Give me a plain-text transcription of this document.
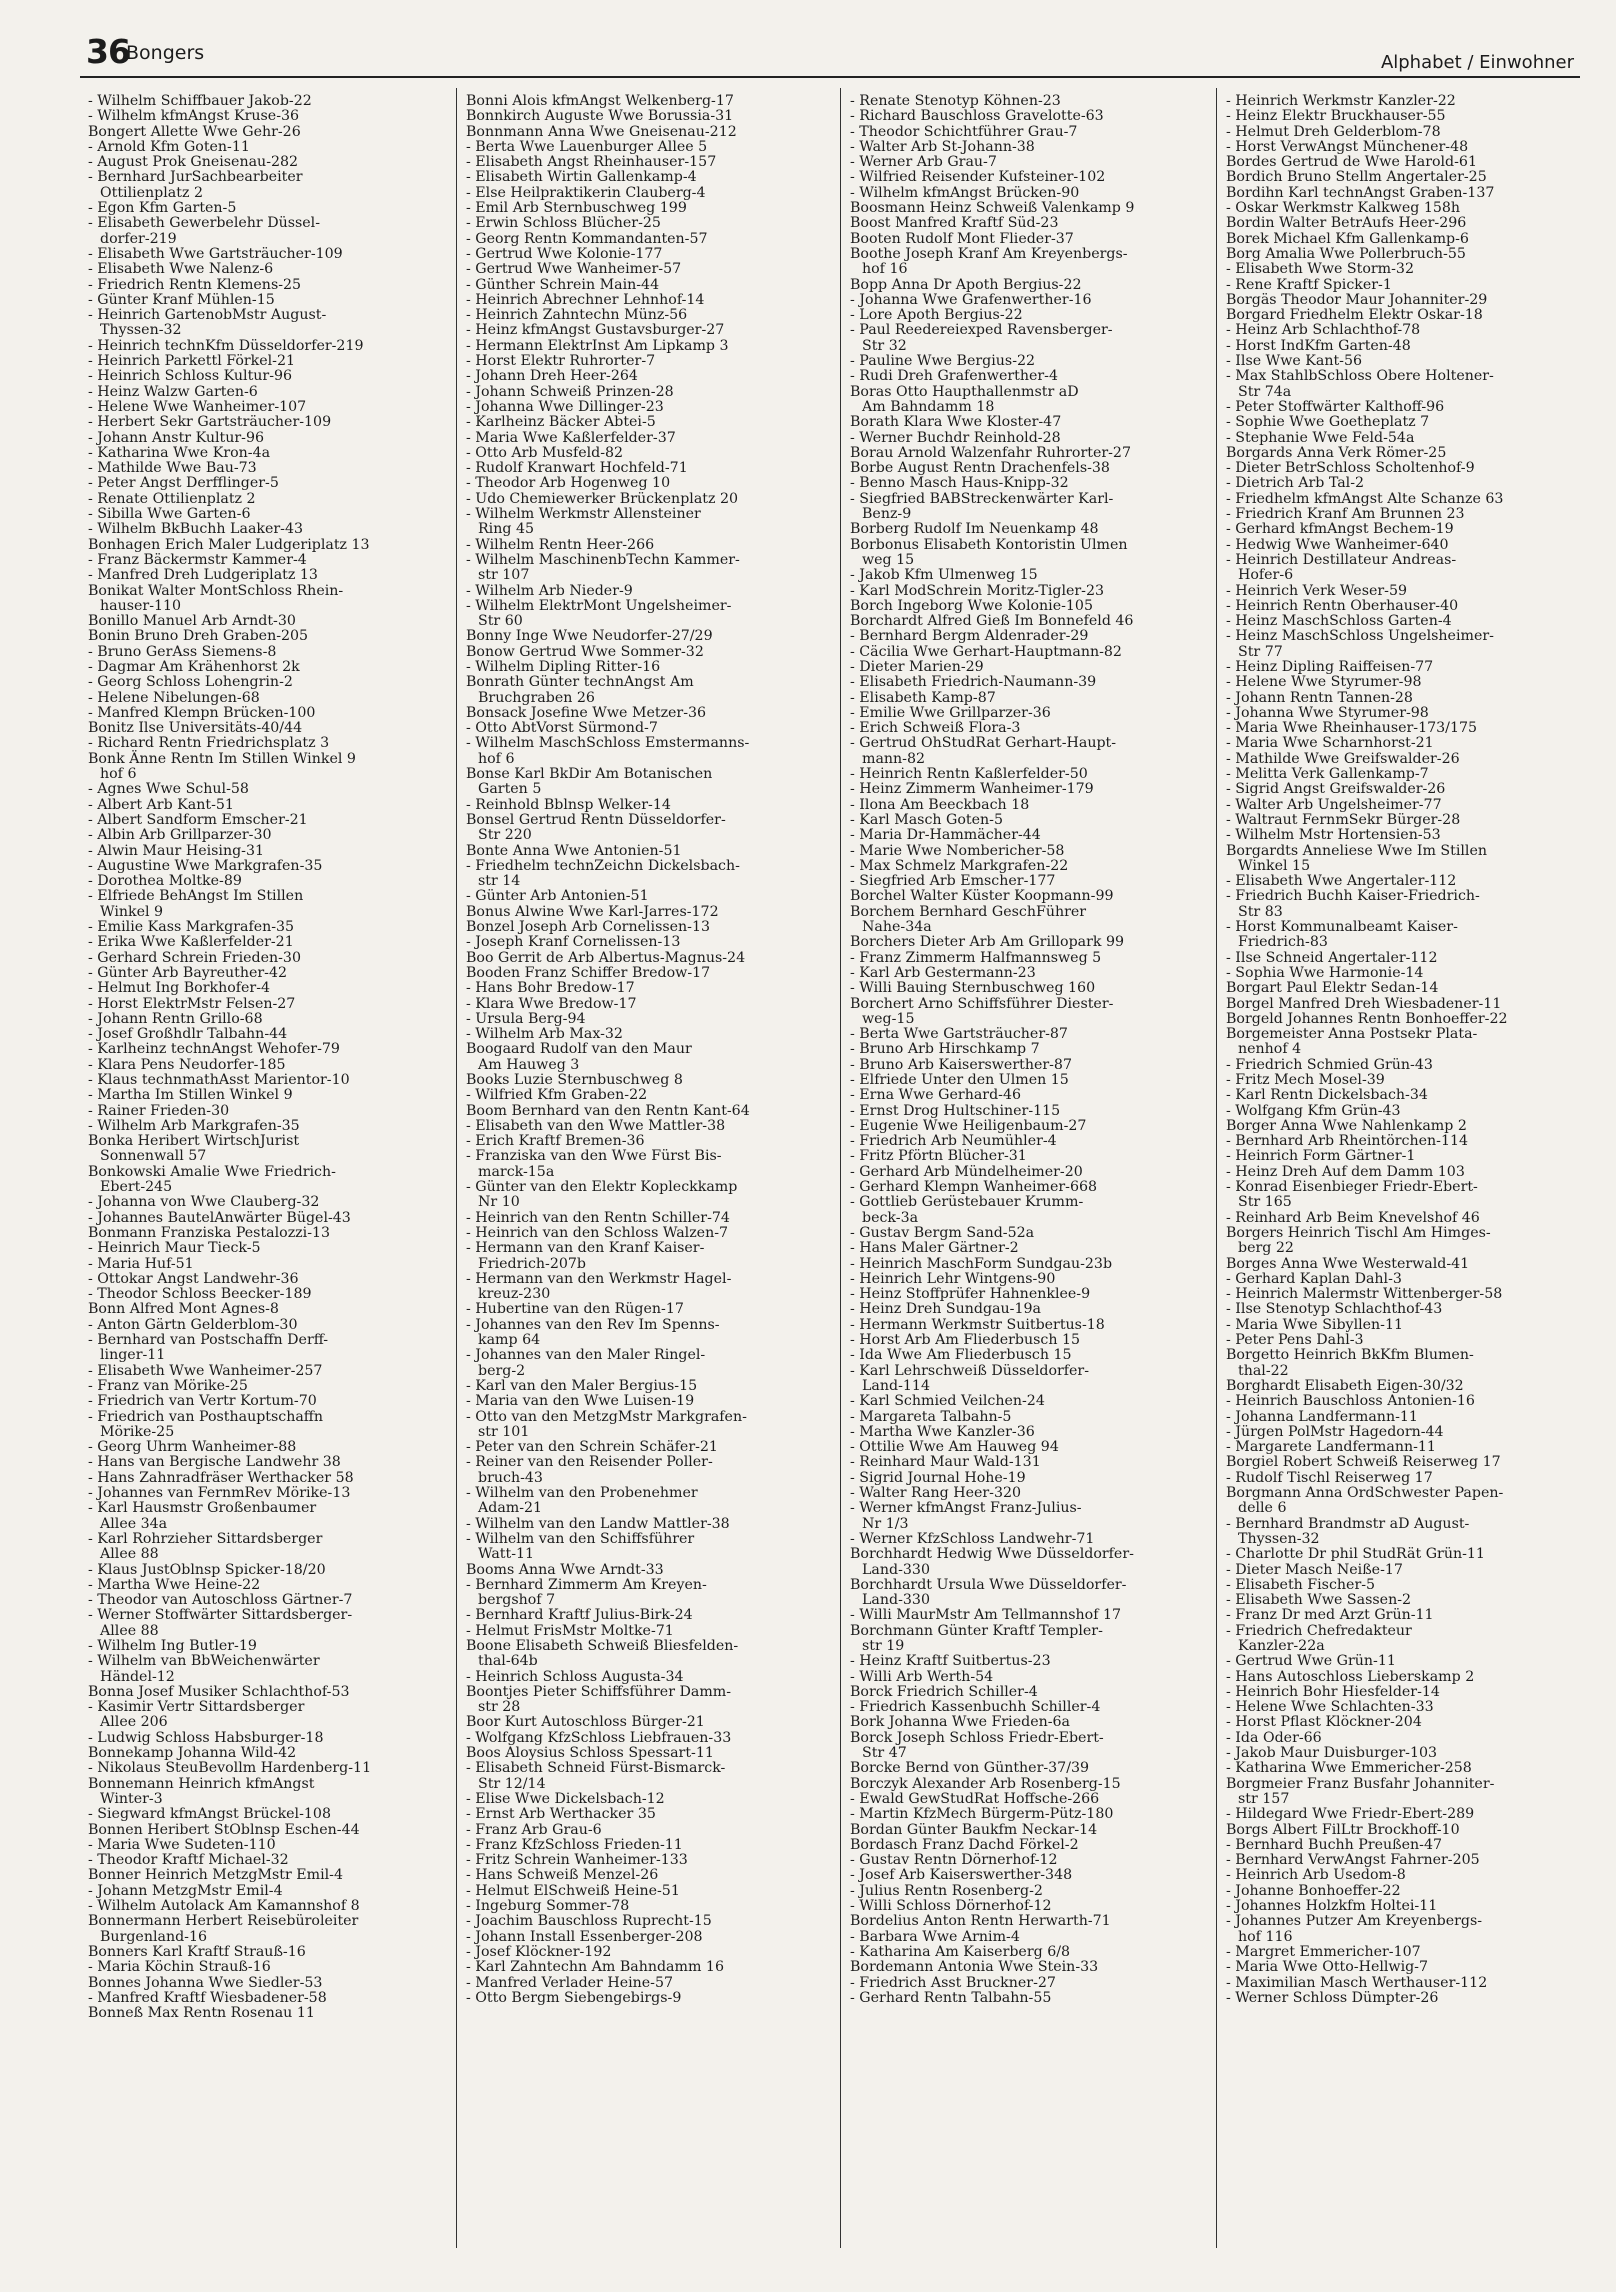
36
Bongers	Alphabet / Einwohner
- Wilhelm Schiffbauer Jakob-22
- Wilhelm kfmAngst Kruse-36
Bongert Allette Wwe Gehr-26
- Arnold Kfm Goten-11
- August Prok Gneisenau-282
- Bernhard JurSachbearbeiter
Ottilienplatz 2
- Egon Kfm Garten-5
- Elisabeth Gewerbelehr Düssel-
dorfer-219
- Elisabeth Wwe Gartsträucher-109
- Elisabeth Wwe Nalenz-6
- Friedrich Rentn Klemens-25
- Günter Kranf Mühlen-15
- Heinrich GartenobMstr August-
Thyssen-32
- Heinrich technKfm Düsseldorfer-219
- Heinrich Parkettl Förkel-21
- Heinrich Schloss Kultur-96
- Heinz Walzw Garten-6
- Helene Wwe Wanheimer-107
- Herbert Sekr Gartsträucher-109
- Johann Anstr Kultur-96
- Katharina Wwe Kron-4a
- Mathilde Wwe Bau-73
- Peter Angst Derfflinger-5
- Renate Ottilienplatz 2
- Sibilla Wwe Garten-6
- Wilhelm BkBuchh Laaker-43
Bonhagen Erich Maler Ludgeriplatz 13
- Franz Bäckermstr Kammer-4
- Manfred Dreh Ludgeriplatz 13
Bonikat Walter MontSchloss Rhein-
hauser-110
Bonillo Manuel Arb Arndt-30
Bonin Bruno Dreh Graben-205
- Bruno GerAss Siemens-8
- Dagmar Am Krähenhorst 2k
- Georg Schloss Lohengrin-2
- Helene Nibelungen-68
- Manfred Klempn Brücken-100
Bonitz Ilse Universitäts-40/44
- Richard Rentn Friedrichsplatz 3
Bonk Änne Rentn Im Stillen Winkel 9
hof 6
- Agnes Wwe Schul-58
- Albert Arb Kant-51
- Albert Sandform Emscher-21
- Albin Arb Grillparzer-30
- Alwin Maur Heising-31
- Augustine Wwe Markgrafen-35
- Dorothea Moltke-89
- Elfriede BehAngst Im Stillen
Winkel 9
- Emilie Kass Markgrafen-35
- Erika Wwe Kaßlerfelder-21
- Gerhard Schrein Frieden-30
- Günter Arb Bayreuther-42
- Helmut Ing Borkhofer-4
- Horst ElektrMstr Felsen-27
- Johann Rentn Grillo-68
- Josef Großhdlr Talbahn-44
- Karlheinz technAngst Wehofer-79
- Klara Pens Neudorfer-185
- Klaus technmathAsst Marientor-10
- Martha Im Stillen Winkel 9
- Rainer Frieden-30
- Wilhelm Arb Markgrafen-35
Bonka Heribert WirtschJurist
Sonnenwall 57
Bonkowski Amalie Wwe Friedrich-
Ebert-245
- Johanna von Wwe Clauberg-32
- Johannes BautelAnwärter Bügel-43
Bonmann Franziska Pestalozzi-13
- Heinrich Maur Tieck-5
- Maria Huf-51
- Ottokar Angst Landwehr-36
- Theodor Schloss Beecker-189
Bonn Alfred Mont Agnes-8
- Anton Gärtn Gelderblom-30
- Bernhard van Postschaffn Derff-
linger-11
- Elisabeth Wwe Wanheimer-257
- Franz van Mörike-25
- Friedrich van Vertr Kortum-70
- Friedrich van Posthauptschaffn
Mörike-25
- Georg Uhrm Wanheimer-88
- Hans van Bergische Landwehr 38
- Hans Zahnradfräser Werthacker 58
- Johannes van FernmRev Mörike-13
- Karl Hausmstr Großenbaumer
Allee 34a
- Karl Rohrzieher Sittardsberger
Allee 88
- Klaus JustOblnsp Spicker-18/20
- Martha Wwe Heine-22
- Theodor van Autoschloss Gärtner-7
- Werner Stoffwärter Sittardsberger-
Allee 88
- Wilhelm Ing Butler-19
- Wilhelm van BbWeichenwärter
Händel-12
Bonna Josef Musiker Schlachthof-53
- Kasimir Vertr Sittardsberger
Allee 206
- Ludwig Schloss Habsburger-18
Bonnekamp Johanna Wild-42
- Nikolaus SteuBevollm Hardenberg-11
Bonnemann Heinrich kfmAngst
Winter-3
- Siegward kfmAngst Brückel-108
Bonnen Heribert StOblnsp Eschen-44
- Maria Wwe Sudeten-110
- Theodor Kraftf Michael-32
Bonner Heinrich MetzgMstr Emil-4
- Johann MetzgMstr Emil-4
- Wilhelm Autolack Am Kamannshof 8
Bonnermann Herbert Reisebüroleiter
Burgenland-16
Bonners Karl Kraftf Strauß-16
- Maria Köchin Strauß-16
Bonnes Johanna Wwe Siedler-53
- Manfred Kraftf Wiesbadener-58
Bonneß Max Rentn Rosenau 11
Bonni Alois kfmAngst Welkenberg-17
Bonnkirch Auguste Wwe Borussia-31
Bonnmann Anna Wwe Gneisenau-212
- Berta Wwe Lauenburger Allee 5
- Elisabeth Angst Rheinhauser-157
- Elisabeth Wirtin Gallenkamp-4
- Else Heilpraktikerin Clauberg-4
- Emil Arb Sternbuschweg 199
- Erwin Schloss Blücher-25
- Georg Rentn Kommandanten-57
- Gertrud Wwe Kolonie-177
- Gertrud Wwe Wanheimer-57
- Günther Schrein Main-44
- Heinrich Abrechner Lehnhof-14
- Heinrich Zahntechn Münz-56
- Heinz kfmAngst Gustavsburger-27
- Hermann ElektrInst Am Lipkamp 3
- Horst Elektr Ruhrorter-7
- Johann Dreh Heer-264
- Johann Schweiß Prinzen-28
- Johanna Wwe Dillinger-23
- Karlheinz Bäcker Abtei-5
- Maria Wwe Kaßlerfelder-37
- Otto Arb Musfeld-82
- Rudolf Kranwart Hochfeld-71
- Theodor Arb Hogenweg 10
- Udo Chemiewerker Brückenplatz 20
- Wilhelm Werkmstr Allensteiner
Ring 45
- Wilhelm Rentn Heer-266
- Wilhelm MaschinenbTechn Kammer-
str 107
- Wilhelm Arb Nieder-9
- Wilhelm ElektrMont Ungelsheimer-
Str 60
Bonny Inge Wwe Neudorfer-27/29
Bonow Gertrud Wwe Sommer-32
- Wilhelm Dipling Ritter-16
Bonrath Günter technAngst Am
Bruchgraben 26
Bonsack Josefine Wwe Metzer-36
- Otto AbtVorst Sürmond-7
- Wilhelm MaschSchloss Emstermanns-
hof 6
Bonse Karl BkDir Am Botanischen
Garten 5
- Reinhold Bblnsp Welker-14
Bonsel Gertrud Rentn Düsseldorfer-
Str 220
Bonte Anna Wwe Antonien-51
- Friedhelm technZeichn Dickelsbach-
str 14
- Günter Arb Antonien-51
Bonus Alwine Wwe Karl-Jarres-172
Bonzel Joseph Arb Cornelissen-13
- Joseph Kranf Cornelissen-13
Boo Gerrit de Arb Albertus-Magnus-24
Booden Franz Schiffer Bredow-17
- Hans Bohr Bredow-17
- Klara Wwe Bredow-17
- Ursula Berg-94
- Wilhelm Arb Max-32
Boogaard Rudolf van den Maur
Am Hauweg 3
Books Luzie Sternbuschweg 8
- Wilfried Kfm Graben-22
Boom Bernhard van den Rentn Kant-64
- Elisabeth van den Wwe Mattler-38
- Erich Kraftf Bremen-36
- Franziska van den Wwe Fürst Bis-
marck-15a
- Günter van den Elektr Kopleckkamp
Nr 10
- Heinrich van den Rentn Schiller-74
- Heinrich van den Schloss Walzen-7
- Hermann van den Kranf Kaiser-
Friedrich-207b
- Hermann van den Werkmstr Hagel-
kreuz-230
- Hubertine van den Rügen-17
- Johannes van den Rev Im Spenns-
kamp 64
- Johannes van den Maler Ringel-
berg-2
- Karl van den Maler Bergius-15
- Maria van den Wwe Luisen-19
- Otto van den MetzgMstr Markgrafen-
str 101
- Peter van den Schrein Schäfer-21
- Reiner van den Reisender Poller-
bruch-43
- Wilhelm van den Probenehmer
Adam-21
- Wilhelm van den Landw Mattler-38
- Wilhelm van den Schiffsführer
Watt-11
Booms Anna Wwe Arndt-33
- Bernhard Zimmerm Am Kreyen-
bergshof 7
- Bernhard Kraftf Julius-Birk-24
- Helmut FrisMstr Moltke-71
Boone Elisabeth Schweiß Bliesfelden-
thal-64b
- Heinrich Schloss Augusta-34
Boontjes Pieter Schiffsführer Damm-
str 28
Boor Kurt Autoschloss Bürger-21
- Wolfgang KfzSchloss Liebfrauen-33
Boos Aloysius Schloss Spessart-11
- Elisabeth Schneid Fürst-Bismarck-
Str 12/14
- Elise Wwe Dickelsbach-12
- Ernst Arb Werthacker 35
- Franz Arb Grau-6
- Franz KfzSchloss Frieden-11
- Fritz Schrein Wanheimer-133
- Hans Schweiß Menzel-26
- Helmut ElSchweiß Heine-51
- Ingeburg Sommer-78
- Joachim Bauschloss Ruprecht-15
- Johann Install Essenberger-208
- Josef Klöckner-192
- Karl Zahntechn Am Bahndamm 16
- Manfred Verlader Heine-57
- Otto Bergm Siebengebirgs-9
- Renate Stenotyp Köhnen-23
- Richard Bauschloss Gravelotte-63
- Theodor Schichtführer Grau-7
- Walter Arb St-Johann-38
- Werner Arb Grau-7
- Wilfried Reisender Kufsteiner-102
- Wilhelm kfmAngst Brücken-90
Boosmann Heinz Schweiß Valenkamp 9
Boost Manfred Kraftf Süd-23
Booten Rudolf Mont Flieder-37
Boothe Joseph Kranf Am Kreyenbergs-
hof 16
Bopp Anna Dr Apoth Bergius-22
- Johanna Wwe Grafenwerther-16
- Lore Apoth Bergius-22
- Paul Reedereiexped Ravensberger-
Str 32
- Pauline Wwe Bergius-22
- Rudi Dreh Grafenwerther-4
Boras Otto Haupthallenmstr aD
Am Bahndamm 18
Borath Klara Wwe Kloster-47
- Werner Buchdr Reinhold-28
Borau Arnold Walzenfahr Ruhrorter-27
Borbe August Rentn Drachenfels-38
- Benno Masch Haus-Knipp-32
- Siegfried BABStreckenwärter Karl-
Benz-9
Borberg Rudolf Im Neuenkamp 48
Borbonus Elisabeth Kontoristin Ulmen
weg 15
- Jakob Kfm Ulmenweg 15
- Karl ModSchrein Moritz-Tigler-23
Borch Ingeborg Wwe Kolonie-105
Borchardt Alfred Gieß Im Bonnefeld 46
- Bernhard Bergm Aldenrader-29
- Cäcilia Wwe Gerhart-Hauptmann-82
- Dieter Marien-29
- Elisabeth Friedrich-Naumann-39
- Elisabeth Kamp-87
- Emilie Wwe Grillparzer-36
- Erich Schweiß Flora-3
- Gertrud OhStudRat Gerhart-Haupt-
mann-82
- Heinrich Rentn Kaßlerfelder-50
- Heinz Zimmerm Wanheimer-179
- Ilona Am Beeckbach 18
- Karl Masch Goten-5
- Maria Dr-Hammächer-44
- Marie Wwe Nombericher-58
- Max Schmelz Markgrafen-22
- Siegfried Arb Emscher-177
Borchel Walter Küster Koopmann-99
Borchem Bernhard GeschFührer
Nahe-34a
Borchers Dieter Arb Am Grillopark 99
- Franz Zimmerm Halfmannsweg 5
- Karl Arb Gestermann-23
- Willi Bauing Sternbuschweg 160
Borchert Arno Schiffsführer Diester-
weg-15
- Berta Wwe Gartsträucher-87
- Bruno Arb Hirschkamp 7
- Bruno Arb Kaiserswerther-87
- Elfriede Unter den Ulmen 15
- Erna Wwe Gerhard-46
- Ernst Drog Hultschiner-115
- Eugenie Wwe Heiligenbaum-27
- Friedrich Arb Neumühler-4
- Fritz Pförtn Blücher-31
- Gerhard Arb Mündelheimer-20
- Gerhard Klempn Wanheimer-668
- Gottlieb Gerüstebauer Krumm-
beck-3a
- Gustav Bergm Sand-52a
- Hans Maler Gärtner-2
- Heinrich MaschForm Sundgau-23b
- Heinrich Lehr Wintgens-90
- Heinz Stoffprüfer Hahnenklee-9
- Heinz Dreh Sundgau-19a
- Hermann Werkmstr Suitbertus-18
- Horst Arb Am Fliederbusch 15
- Ida Wwe Am Fliederbusch 15
- Karl Lehrschweiß Düsseldorfer-
Land-114
- Karl Schmied Veilchen-24
- Margareta Talbahn-5
- Martha Wwe Kanzler-36
- Ottilie Wwe Am Hauweg 94
- Reinhard Maur Wald-131
- Sigrid Journal Hohe-19
- Walter Rang Heer-320
- Werner kfmAngst Franz-Julius-
Nr 1/3
- Werner KfzSchloss Landwehr-71
Borchhardt Hedwig Wwe Düsseldorfer-
Land-330
Borchhardt Ursula Wwe Düsseldorfer-
Land-330
- Willi MaurMstr Am Tellmannshof 17
Borchmann Günter Kraftf Templer-
str 19
- Heinz Kraftf Suitbertus-23
- Willi Arb Werth-54
Borck Friedrich Schiller-4
- Friedrich Kassenbuchh Schiller-4
Bork Johanna Wwe Frieden-6a
Borck Joseph Schloss Friedr-Ebert-
Str 47
Borcke Bernd von Günther-37/39
Borczyk Alexander Arb Rosenberg-15
- Ewald GewStudRat Hoffsche-266
- Martin KfzMech Bürgerm-Pütz-180
Bordan Günter Baukfm Neckar-14
Bordasch Franz Dachd Förkel-2
- Gustav Rentn Dörnerhof-12
- Josef Arb Kaiserswerther-348
- Julius Rentn Rosenberg-2
- Willi Schloss Dörnerhof-12
Bordelius Anton Rentn Herwarth-71
- Barbara Wwe Arnim-4
- Katharina Am Kaiserberg 6/8
Bordemann Antonia Wwe Stein-33
- Friedrich Asst Bruckner-27
- Gerhard Rentn Talbahn-55
- Heinrich Werkmstr Kanzler-22
- Heinz Elektr Bruckhauser-55
- Helmut Dreh Gelderblom-78
- Horst VerwAngst Münchener-48
Bordes Gertrud de Wwe Harold-61
Bordich Bruno Stellm Angertaler-25
Bordihn Karl technAngst Graben-137
- Oskar Werkmstr Kalkweg 158h
Bordin Walter BetrAufs Heer-296
Borek Michael Kfm Gallenkamp-6
Borg Amalia Wwe Pollerbruch-55
- Elisabeth Wwe Storm-32
- Rene Kraftf Spicker-1
Borgäs Theodor Maur Johanniter-29
Borgard Friedhelm Elektr Oskar-18
- Heinz Arb Schlachthof-78
- Horst IndKfm Garten-48
- Ilse Wwe Kant-56
- Max StahlbSchloss Obere Holtener-
Str 74a
- Peter Stoffwärter Kalthoff-96
- Sophie Wwe Goetheplatz 7
- Stephanie Wwe Feld-54a
Borgards Anna Verk Römer-25
- Dieter BetrSchloss Scholtenhof-9
- Dietrich Arb Tal-2
- Friedhelm kfmAngst Alte Schanze 63
- Friedrich Kranf Am Brunnen 23
- Gerhard kfmAngst Bechem-19
- Hedwig Wwe Wanheimer-640
- Heinrich Destillateur Andreas-
Hofer-6
- Heinrich Verk Weser-59
- Heinrich Rentn Oberhauser-40
- Heinz MaschSchloss Garten-4
- Heinz MaschSchloss Ungelsheimer-
Str 77
- Heinz Dipling Raiffeisen-77
- Helene Wwe Styrumer-98
- Johann Rentn Tannen-28
- Johanna Wwe Styrumer-98
- Maria Wwe Rheinhauser-173/175
- Maria Wwe Scharnhorst-21
- Mathilde Wwe Greifswalder-26
- Melitta Verk Gallenkamp-7
- Sigrid Angst Greifswalder-26
- Walter Arb Ungelsheimer-77
- Waltraut FernmSekr Bürger-28
- Wilhelm Mstr Hortensien-53
Borgardts Anneliese Wwe Im Stillen
Winkel 15
- Elisabeth Wwe Angertaler-112
- Friedrich Buchh Kaiser-Friedrich-
Str 83
- Horst Kommunalbeamt Kaiser-
Friedrich-83
- Ilse Schneid Angertaler-112
- Sophia Wwe Harmonie-14
Borgart Paul Elektr Sedan-14
Borgel Manfred Dreh Wiesbadener-11
Borgeld Johannes Rentn Bonhoeffer-22
Borgemeister Anna Postsekr Plata-
nenhof 4
- Friedrich Schmied Grün-43
- Fritz Mech Mosel-39
- Karl Rentn Dickelsbach-34
- Wolfgang Kfm Grün-43
Borger Anna Wwe Nahlenkamp 2
- Bernhard Arb Rheintörchen-114
- Heinrich Form Gärtner-1
- Heinz Dreh Auf dem Damm 103
- Konrad Eisenbieger Friedr-Ebert-
Str 165
- Reinhard Arb Beim Knevelshof 46
Borgers Heinrich Tischl Am Himges-
berg 22
Borges Anna Wwe Westerwald-41
- Gerhard Kaplan Dahl-3
- Heinrich Malermstr Wittenberger-58
- Ilse Stenotyp Schlachthof-43
- Maria Wwe Sibyllen-11
- Peter Pens Dahl-3
Borgetto Heinrich BkKfm Blumen-
thal-22
Borghardt Elisabeth Eigen-30/32
- Heinrich Bauschloss Antonien-16
- Johanna Landfermann-11
- Jürgen PolMstr Hagedorn-44
- Margarete Landfermann-11
Borgiel Robert Schweiß Reiserweg 17
- Rudolf Tischl Reiserweg 17
Borgmann Anna OrdSchwester Papen-
delle 6
- Bernhard Brandmstr aD August-
Thyssen-32
- Charlotte Dr phil StudRät Grün-11
- Dieter Masch Neiße-17
- Elisabeth Fischer-5
- Elisabeth Wwe Sassen-2
- Franz Dr med Arzt Grün-11
- Friedrich Chefredakteur
Kanzler-22a
- Gertrud Wwe Grün-11
- Hans Autoschloss Lieberskamp 2
- Heinrich Bohr Hiesfelder-14
- Helene Wwe Schlachten-33
- Horst Pflast Klöckner-204
- Ida Oder-66
- Jakob Maur Duisburger-103
- Katharina Wwe Emmericher-258
Borgmeier Franz Busfahr Johanniter-
str 157
- Hildegard Wwe Friedr-Ebert-289
Borgs Albert FilLtr Brockhoff-10
- Bernhard Buchh Preußen-47
- Bernhard VerwAngst Fahrner-205
- Heinrich Arb Usedom-8
- Johanne Bonhoeffer-22
- Johannes Holzkfm Holtei-11
- Johannes Putzer Am Kreyenbergs-
hof 116
- Margret Emmericher-107
- Maria Wwe Otto-Hellwig-7
- Maximilian Masch Werthauser-112
- Werner Schloss Dümpter-26
